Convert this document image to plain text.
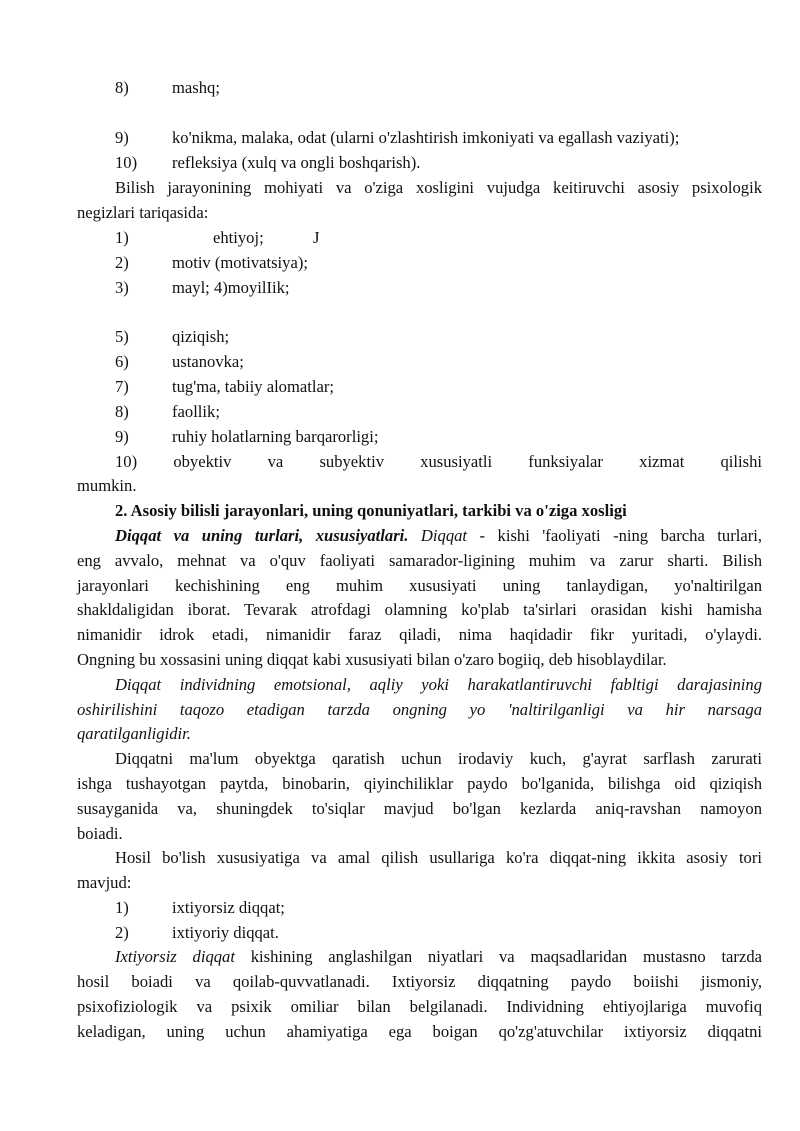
8)	mashq;
9)	ko'nikma, malaka, odat (ularni o'zlashtirish imkoniyati va egallash vaziyati);
10) refleksiya (xulq va ongli boshqarish).
Bilish jarayonining mohiyati va o'ziga xosligini vujudga keitiruvchi asosiy psixologik
negizlari tariqasida:
1)	ehtiyoj;	J
2)	motiv (motivatsiya);
3)	mayl; 4)moyilIik;
5)	qiziqish;
6)	ustanovka;
7)	tug'ma, tabiiy alomatlar;
8)	faollik;
9)	ruhiy holatlarning barqarorligi;
10) obyektiv va subyektiv xususiyatli funksiyalar xizmat qilishi
mumkin.
2. Asosiy bilisli jarayonlari, uning qonuniyatlari, tarkibi va o'ziga xosligi
Diqqat va uning turlari, xususiyatlari. Diqqat - kishi 'faoliyati -ning barcha turlari,
eng avvalo, mehnat va o'quv faoliyati samarador-ligining muhim va zarur sharti. Bilish
jarayonlari kechishining eng muhim xususiyati uning tanlaydigan, yo'naltirilgan
shakldaligidan iborat. Tevarak atrofdagi olamning ko'plab ta'sirlari orasidan kishi hamisha
nimanidir idrok etadi, nimanidir faraz qiladi, nima haqidadir fikr yuritadi, o'ylaydi.
Ongning bu xossasini uning diqqat kabi xususiyati bilan o'zaro bogiiq, deb hisoblaydilar.
Diqqat individning emotsional, aqliy yoki harakatlantiruvchi fabltigi darajasining
oshirilishini taqozo etadigan tarzda ongning yo 'naltirilganligi va hir narsaga
qaratilganligidir.
Diqqatni ma'lum obyektga qaratish uchun irodaviy kuch, g'ayrat sarflash zarurati
ishga tushayotgan paytda, binobarin, qiyinchiliklar paydo bo'lganida, bilishga oid qiziqish
susayganida va, shuningdek to'siqlar mavjud bo'lgan kezlarda aniq-ravshan namoyon
boiadi.
Hosil bo'lish xususiyatiga va amal qilish usullariga ko'ra diqqat-ning ikkita asosiy tori
mavjud:
1)	ixtiyorsiz diqqat;
2)	ixtiyoriy diqqat.
Ixtiyorsiz diqqat kishining anglashilgan niyatlari va maqsadlaridan mustasno tarzda
hosil boiadi va qoilab-quvvatlanadi. Ixtiyorsiz diqqatning paydo boiishi jismoniy,
psixofiziologik va psixik omiliar bilan belgilanadi. Individning ehtiyojlariga muvofiq
keladigan, uning uchun ahamiyatiga ega boigan qo'zg'atuvchilar ixtiyorsiz diqqatni
